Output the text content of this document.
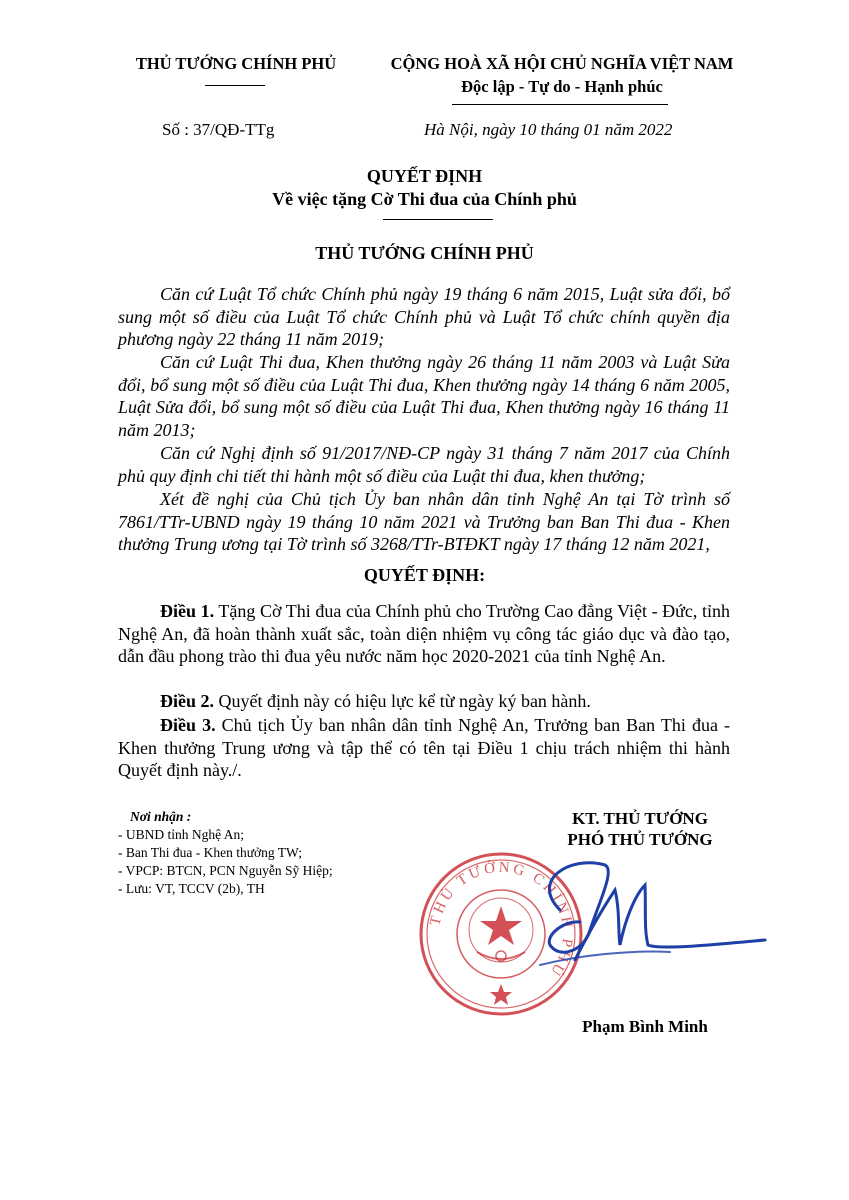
THỦ TƯỚNG CHÍNH PHỦ	CỘNG HOÀ XÃ HỘI CHỦ NGHĨA VIỆT NAM
Độc lập - Tự do - Hạnh phúc
Số : 37/QĐ-TTg	Hà Nội, ngày 10 tháng 01 năm 2022
QUYẾT ĐỊNH
Về việc tặng Cờ Thi đua của Chính phủ
THỦ TƯỚNG CHÍNH PHỦ
Căn cứ Luật Tổ chức Chính phủ ngày 19 tháng 6 năm 2015, Luật sửa đổi, bổ sung một số điều của Luật Tổ chức Chính phủ và Luật Tổ chức chính quyền địa phương ngày 22 tháng 11 năm 2019;
Căn cứ Luật Thi đua, Khen thưởng ngày 26 tháng 11 năm 2003 và Luật Sửa đổi, bổ sung một số điều của Luật Thi đua, Khen thưởng ngày 14 tháng 6 năm 2005, Luật Sửa đổi, bổ sung một số điều của Luật Thi đua, Khen thưởng ngày 16 tháng 11 năm 2013;
Căn cứ Nghị định số 91/2017/NĐ-CP ngày 31 tháng 7 năm 2017 của Chính phủ quy định chi tiết thi hành một số điều của Luật thi đua, khen thưởng;
Xét đề nghị của Chủ tịch Ủy ban nhân dân tỉnh Nghệ An tại Tờ trình số 7861/TTr-UBND ngày 19 tháng 10 năm 2021 và Trưởng ban Ban Thi đua - Khen thưởng Trung ương tại Tờ trình số 3268/TTr-BTĐKT ngày 17 tháng 12 năm 2021,
QUYẾT ĐỊNH:
Điều 1. Tặng Cờ Thi đua của Chính phủ cho Trường Cao đẳng Việt - Đức, tỉnh Nghệ An, đã hoàn thành xuất sắc, toàn diện nhiệm vụ công tác giáo dục và đào tạo, dẫn đầu phong trào thi đua yêu nước năm học 2020-2021 của tỉnh Nghệ An.
Điều 2. Quyết định này có hiệu lực kể từ ngày ký ban hành.
Điều 3. Chủ tịch Ủy ban nhân dân tỉnh Nghệ An, Trưởng ban Ban Thi đua - Khen thưởng Trung ương và tập thể có tên tại Điều 1 chịu trách nhiệm thi hành Quyết định này./.
Nơi nhận :
- UBND tỉnh Nghệ An;
- Ban Thi đua - Khen thưởng TW;
- VPCP: BTCN, PCN Nguyễn Sỹ Hiệp;
- Lưu: VT, TCCV (2b), TH
KT. THỦ TƯỚNG
PHÓ THỦ TƯỚNG
THỦ TƯỚNG CHÍNH PHỦ
Phạm Bình Minh
